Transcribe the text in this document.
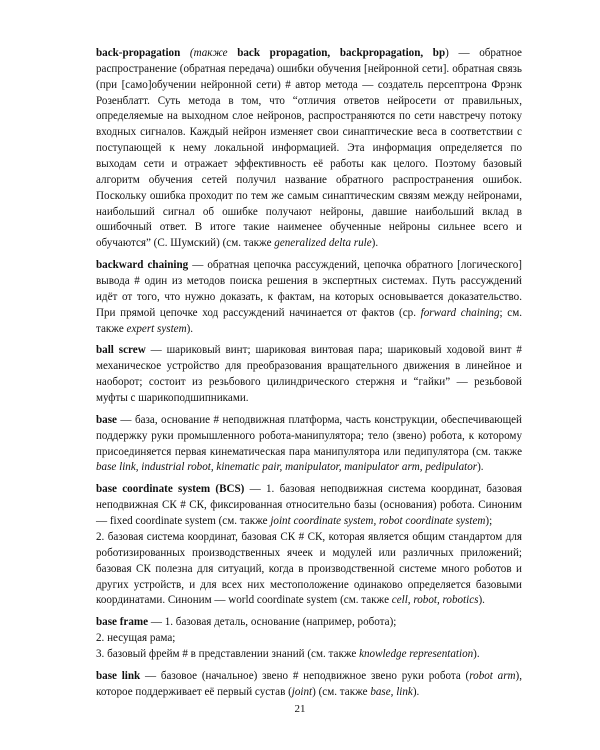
back-propagation (также back propagation, backpropagation, bp) — обратное распространение (обратная передача) ошибки обучения [нейронной сети]. обратная связь (при [само]обучении нейронной сети) # автор метода — создатель персептрона Фрэнк Розенблатт. Суть метода в том, что “отличия ответов нейросети от правильных, определяемые на выходном слое нейронов, распространяются по сети навстречу потоку входных сигналов. Каждый нейрон изменяет свои синаптические веса в соответствии с поступающей к нему локальной информацией. Эта информация определяется по выходам сети и отражает эффективность её работы как целого. Поэтому базовый алгоритм обучения сетей получил название обратного распространения ошибок. Поскольку ошибка проходит по тем же самым синаптическим связям между нейронами, наибольший сигнал об ошибке получают нейроны, давшие наибольший вклад в ошибочный ответ. В итоге такие наименее обученные нейроны сильнее всего и обучаются” (С. Шумский) (см. также generalized delta rule).

backward chaining — обратная цепочка рассуждений, цепочка обратного [логического] вывода # один из методов поиска решения в экспертных системах. Путь рассуждений идёт от того, что нужно доказать, к фактам, на которых основывается доказательство. При прямой цепочке ход рассуждений начинается от фактов (ср. forward chaining; см. также expert system).

ball screw — шариковый винт; шариковая винтовая пара; шариковый ходовой винт # механическое устройство для преобразования вращательного движения в линейное и наоборот; состоит из резьбового цилиндрического стержня и “гайки” — резьбовой муфты с шарикоподшипниками.

base — база, основание # неподвижная платформа, часть конструкции, обеспечивающей поддержку руки промышленного робота-манипулятора; тело (звено) робота, к которому присоединяется первая кинематическая пара манипулятора или педипулятора (см. также base link, industrial robot, kinematic pair, manipulator, manipulator arm, pedipulator).

base coordinate system (BCS) — 1. базовая неподвижная система координат, базовая неподвижная СК # СК, фиксированная относительно базы (основания) робота. Синоним — fixed coordinate system (см. также joint coordinate system, robot coordinate system);
2. базовая система координат, базовая СК # СК, которая является общим стандартом для роботизированных производственных ячеек и модулей или различных приложений; базовая СК полезна для ситуаций, когда в производственной системе много роботов и других устройств, и для всех них местоположение одинаково определяется базовыми координатами. Синоним — world coordinate system (см. также cell, robot, robotics).
base frame — 1. базовая деталь, основание (например, робота);
2. несущая рама;
3. базовый фрейм # в представлении знаний (см. также knowledge representation).

base link — базовое (начальное) звено # неподвижное звено руки робота (robot arm), которое поддерживает её первый сустав (joint) (см. также base, link).

21
